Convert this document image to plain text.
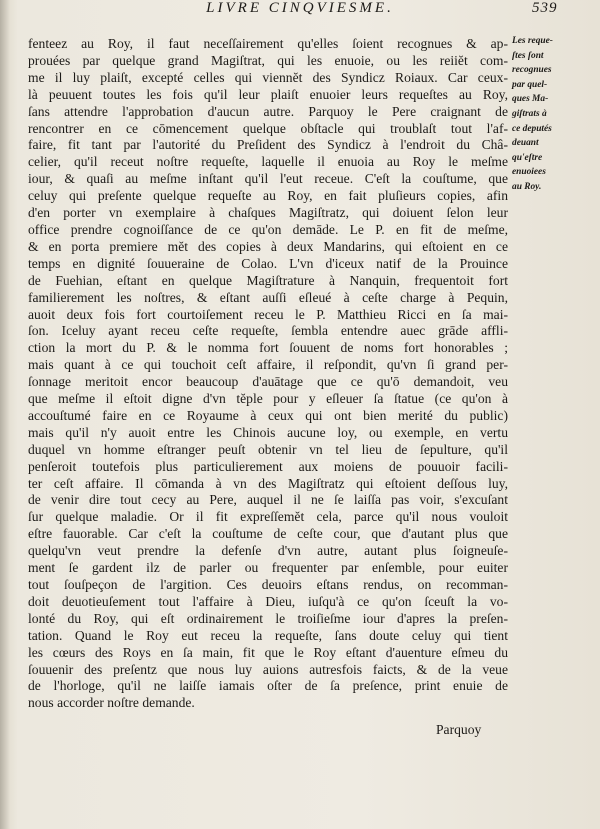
LIVRE CINQVIESME.	539
fenteez au Roy, il faut neceſſairement qu'elles ſoient recognues & ap-
prouées par quelque grand Magiſtrat, qui les enuoie, ou les reiiĕt com-
me il luy plaiſt, excepté celles qui viennĕt des Syndicz Roiaux. Car ceux-
là peuuent toutes les fois qu'il leur plaiſt enuoier leurs requeſtes au Roy,
ſans attendre l'approbation d'aucun autre. Parquoy le Pere craignant de
rencontrer en ce cōmencement quelque obſtacle qui troublaſt tout l'af-
faire, fit tant par l'autorité du Preſident des Syndicz à l'endroit du Châ-
celier, qu'il receut noſtre requeſte, laquelle il enuoia au Roy le meſme
iour, & quaſi au meſme inſtant qu'il l'eut receue. C'eſt la couſtume, que
celuy qui preſente quelque requeſte au Roy, en fait pluſieurs copies, afin
d'en porter vn exemplaire à chaſques Magiſtratz, qui doiuent ſelon leur
office prendre cognoiſſance de ce qu'on demāde. Le P. en fit de meſme,
& en porta premiere mĕt des copies à deux Mandarins, qui eſtoient en ce
temps en dignité ſouueraine de Colao. L'vn d'iceux natif de la Prouince
de Fuehian, eſtant en quelque Magiſtrature à Nanquin, frequentoit fort
familierement les noſtres, & eſtant auſſi eſleué à ceſte charge à Pequin,
auoit deux fois fort courtoiſement receu le P. Matthieu Ricci en ſa mai-
ſon. Iceluy ayant receu ceſte requeſte, ſembla entendre auec grāde affli-
ction la mort du P. & le nomma fort ſouuent de noms fort honorables ;
mais quant à ce qui touchoit ceſt affaire, il reſpondit, qu'vn ſi grand per-
ſonnage meritoit encor beaucoup d'auātage que ce qu'ō demandoit, veu
que meſme il eſtoit digne d'vn tĕple pour y eſleuer ſa ſtatue (ce qu'on à
accouſtumé faire en ce Royaume à ceux qui ont bien merité du public)
mais qu'il n'y auoit entre les Chinois aucune loy, ou exemple, en vertu
duquel vn homme eſtranger peuſt obtenir vn tel lieu de ſepulture, qu'il
penſeroit toutefois plus particulierement aux moiens de pouuoir facili-
ter ceſt affaire. Il cōmanda à vn des Magiſtratz qui eſtoient deſſous luy,
de venir dire tout cecy au Pere, auquel il ne ſe laiſſa pas voir, s'excuſant
ſur quelque maladie. Or il fit expreſſemĕt cela, parce qu'il nous vouloit
eſtre fauorable. Car c'eſt la couſtume de ceſte cour, que d'autant plus que
quelqu'vn veut prendre la defenſe d'vn autre, autant plus ſoigneuſe-
ment ſe gardent ilz de parler ou frequenter par enſemble, pour euiter
tout ſouſpeçon de l'argition. Ces deuoirs eſtans rendus, on recomman-
doit deuotieuſement tout l'affaire à Dieu, iuſqu'à ce qu'on ſceuſt la vo-
lonté du Roy, qui eſt ordinairement le troiſieſme iour d'apres la preſen-
tation. Quand le Roy eut receu la requeſte, ſans doute celuy qui tient
les cœurs des Roys en ſa main, fit que le Roy eſtant d'auenture eſmeu du
ſouuenir des preſentz que nous luy auions autresfois faicts, & de la veue
de l'horloge, qu'il ne laiſſe iamais oſter de ſa preſence, print enuie de
nous accorder noſtre demande.
Les reque-
ſtes ſont
recognues
par quel-
ques Ma-
giſtrats à
ce deputés
deuant
qu'eſtre
enuoiees
au Roy.
Parquoy
